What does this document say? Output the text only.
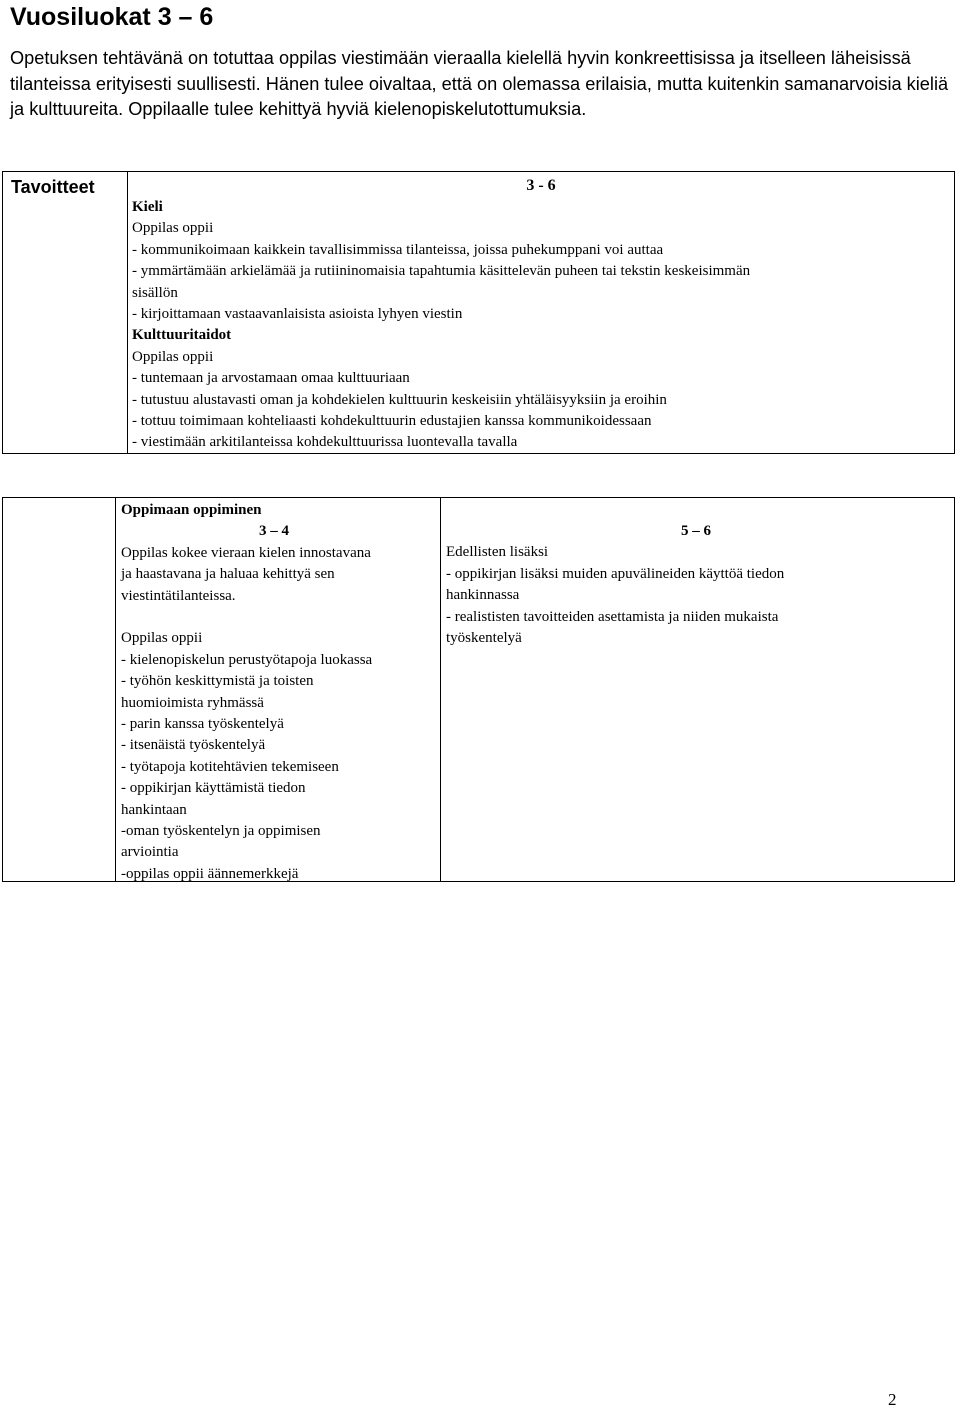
Vuosiluokat 3 – 6
Opetuksen tehtävänä on totuttaa oppilas viestimään vieraalla kielellä hyvin konkreettisissa ja itselleen läheisissä tilanteissa erityisesti suullisesti. Hänen tulee oivaltaa, että on olemassa erilaisia, mutta kuitenkin samanarvoisia kieliä ja kulttuureita. Oppilaalle tulee kehittyä hyviä kielenopiskelutottumuksia.
Tavoitteet	3 - 6
Kieli
Oppilas oppii
- kommunikoimaan kaikkein tavallisimmissa tilanteissa, joissa puhekumppani voi auttaa
- ymmärtämään arkielämää ja rutiininomaisia tapahtumia käsittelevän puheen tai tekstin keskeisimmän
sisällön
- kirjoittamaan vastaavanlaisista asioista lyhyen viestin
Kulttuuritaidot
Oppilas oppii
- tuntemaan ja arvostamaan omaa kulttuuriaan
- tutustuu alustavasti oman ja kohdekielen kulttuurin keskeisiin yhtäläisyyksiin ja eroihin
- tottuu toimimaan kohteliaasti kohdekulttuurin edustajien kanssa kommunikoidessaan
- viestimään arkitilanteissa kohdekulttuurissa luontevalla tavalla
Oppimaan oppiminen
3 – 4
Oppilas kokee vieraan kielen innostavana
ja haastavana ja haluaa kehittyä sen
viestintätilanteissa.
Oppilas oppii
- kielenopiskelun perustyötapoja luokassa
- työhön keskittymistä ja toisten
huomioimista ryhmässä
- parin kanssa työskentelyä
- itsenäistä työskentelyä
- työtapoja kotitehtävien tekemiseen
- oppikirjan käyttämistä tiedon
hankintaan
-oman työskentelyn ja oppimisen
arviointia
-oppilas oppii äännemerkkejä
5 – 6
Edellisten lisäksi
- oppikirjan lisäksi muiden apuvälineiden käyttöä tiedon
hankinnassa
- realististen tavoitteiden asettamista ja niiden mukaista
työskentelyä
2
